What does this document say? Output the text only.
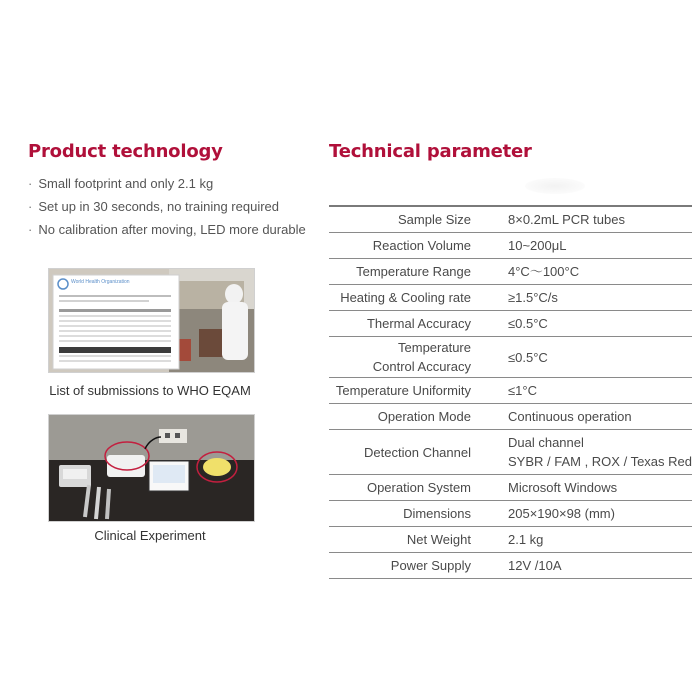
Product technology
· Small footprint and only 2.1 kg
· Set up in 30 seconds, no training required
· No calibration after moving, LED more durable
World Health Organization
List of submissions to WHO EQAM
Clinical Experiment
Technical parameter
Sample Size	8×0.2mL PCR tubes

Reaction Volume	10~200μL

Temperature Range	4°C～100°C

Heating & Cooling rate	≥1.5°C/s

Thermal Accuracy	≤0.5°C

Temperature
Control Accuracy	≤0.5°C

Temperature Uniformity	≤1°C

Operation Mode	Continuous operation

Detection Channel	Dual channel
SYBR / FAM , ROX / Texas Red

Operation System	Microsoft Windows

Dimensions	205×190×98 (mm)

Net Weight	2.1 kg

Power Supply	12V /10A
